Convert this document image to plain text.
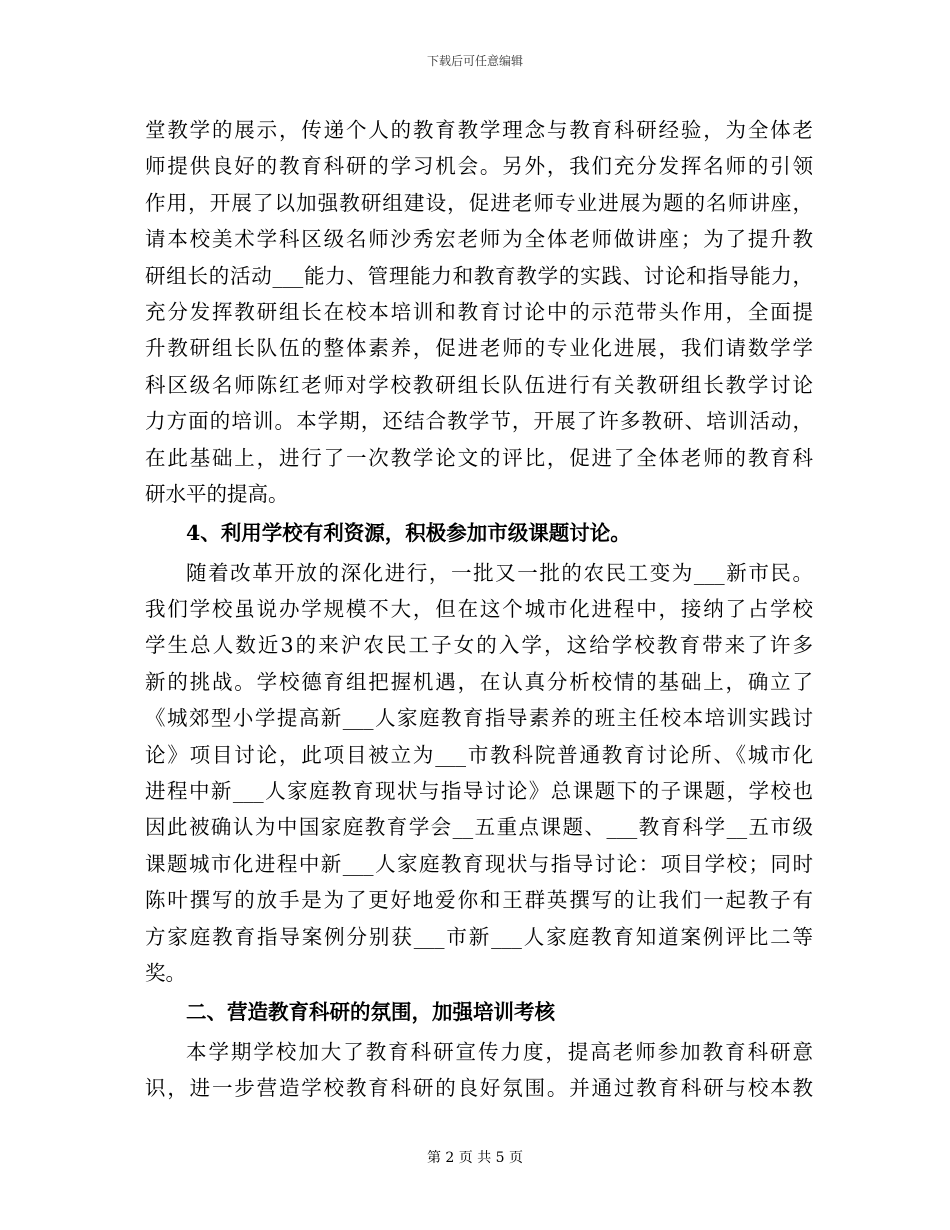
下载后可任意编辑
堂教学的展示，传递个人的教育教学理念与教育科研经验，为全体老
师提供良好的教育科研的学习机会。另外，我们充分发挥名师的引领
作用，开展了以加强教研组建设，促进老师专业进展为题的名师讲座，
请本校美术学科区级名师沙秀宏老师为全体老师做讲座；为了提升教
研组长的活动___能力、管理能力和教育教学的实践、讨论和指导能力，
充分发挥教研组长在校本培训和教育讨论中的示范带头作用，全面提
升教研组长队伍的整体素养，促进老师的专业化进展，我们请数学学
科区级名师陈红老师对学校教研组长队伍进行有关教研组长教学讨论
力方面的培训。本学期，还结合教学节，开展了许多教研、培训活动，
在此基础上，进行了一次教学论文的评比，促进了全体老师的教育科
研水平的提高。
4、利用学校有利资源，积极参加市级课题讨论。
随着改革开放的深化进行，一批又一批的农民工变为___新市民。
我们学校虽说办学规模不大，但在这个城市化进程中，接纳了占学校
学生总人数近3的来沪农民工子女的入学，这给学校教育带来了许多
新的挑战。学校德育组把握机遇，在认真分析校情的基础上，确立了
《城郊型小学提高新___人家庭教育指导素养的班主任校本培训实践讨
论》项目讨论，此项目被立为___市教科院普通教育讨论所、《城市化
进程中新___人家庭教育现状与指导讨论》总课题下的子课题，学校也
因此被确认为中国家庭教育学会__五重点课题、___教育科学__五市级
课题城市化进程中新___人家庭教育现状与指导讨论：项目学校；同时
陈叶撰写的放手是为了更好地爱你和王群英撰写的让我们一起教子有
方家庭教育指导案例分别获___市新___人家庭教育知道案例评比二等
奖。
二、营造教育科研的氛围，加强培训考核
本学期学校加大了教育科研宣传力度，提高老师参加教育科研意
识，进一步营造学校教育科研的良好氛围。并通过教育科研与校本教
第 2 页 共 5 页
